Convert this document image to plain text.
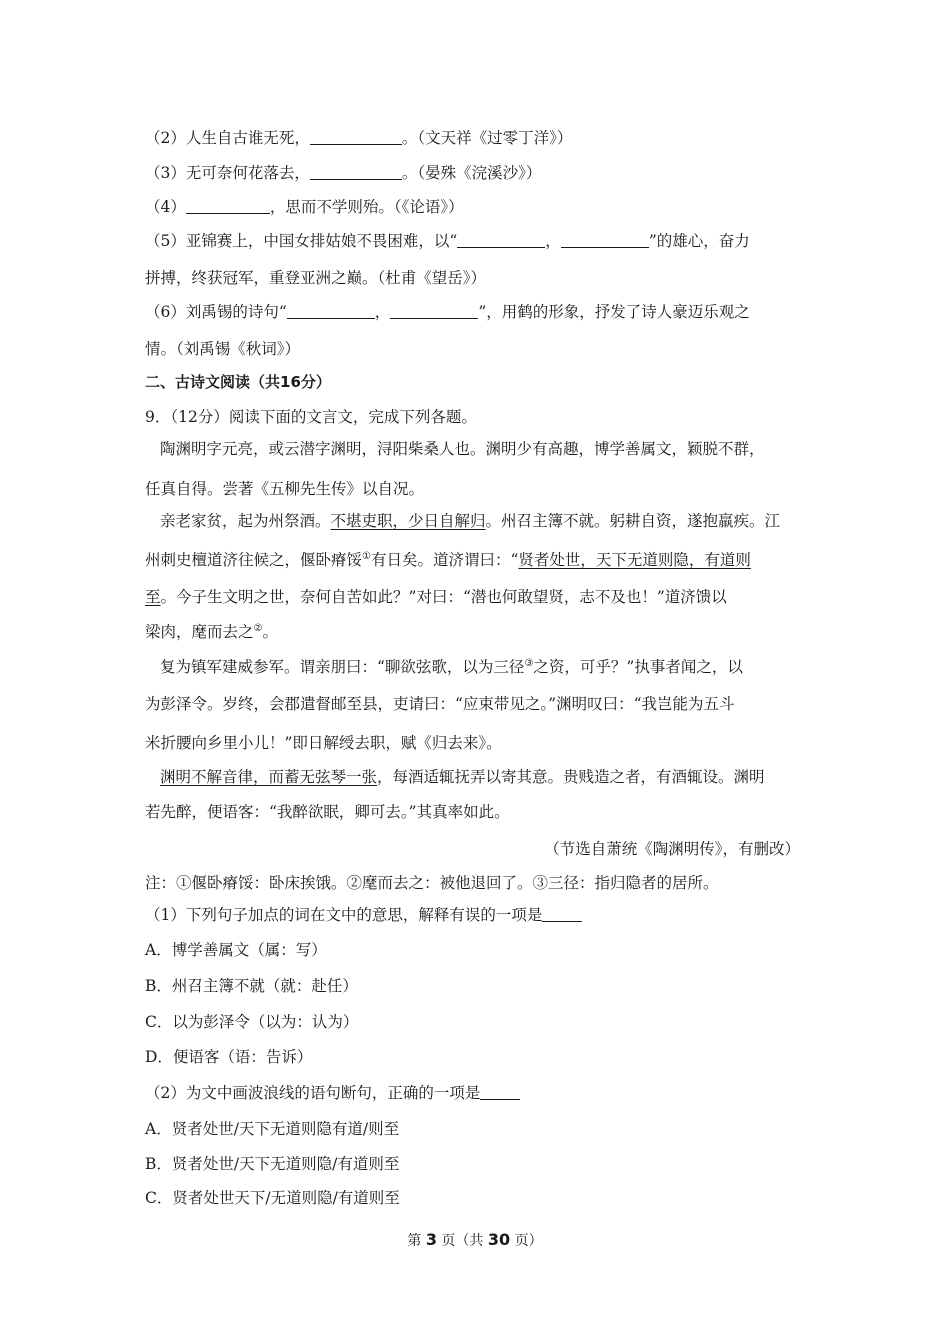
（2）人生自古谁无死，	。（文天祥《过零丁洋》）
（3）无可奈何花落去，	。（晏殊《浣溪沙》）
（4）	，思而不学则殆。（《论语》）
（5）亚锦赛上，中国女排姑娘不畏困难，以“	，	”的雄心，奋力
拼搏，终获冠军，重登亚洲之巅。（杜甫《望岳》）
（6）刘禹锡的诗句“	，	”，用鹤的形象，抒发了诗人豪迈乐观之
情。（刘禹锡《秋词》）
二、古诗文阅读（共16分）
9．（12分）阅读下面的文言文，完成下列各题。
陶渊明字元亮，或云潜字渊明，浔阳柴桑人也。渊明少有高趣，博学善属文，颖脱不群，
任真自得。尝著《五柳先生传》以自况。
亲老家贫，起为州祭酒。不堪吏职，少日自解归。州召主簿不就。躬耕自资，遂抱羸疾。江
州刺史檀道济往候之，偃卧瘠馁①有日矣。道济谓曰：“贤者处世，天下无道则隐，有道则
至。今子生文明之世，奈何自苦如此？”对曰：“潜也何敢望贤，志不及也！”道济馈以
梁肉，麾而去之②。
复为镇军建威参军。谓亲朋曰：“聊欲弦歌，以为三径③之资，可乎？”执事者闻之，以
为彭泽令。岁终，会郡遣督邮至县，吏请曰：“应束带见之。”渊明叹曰：“我岂能为五斗
米折腰向乡里小儿！”即日解绶去职，赋《归去来》。
渊明不解音律，而蓄无弦琴一张，每酒适辄抚弄以寄其意。贵贱造之者，有酒辄设。渊明
若先醉，便语客：“我醉欲眠，卿可去。”其真率如此。
（节选自萧统《陶渊明传》，有删改）
注：①偃卧瘠馁：卧床挨饿。②麾而去之：被他退回了。③三径：指归隐者的居所。
（1）下列句子加点的词在文中的意思，解释有误的一项是
A．博学善属文（属：写）
B．州召主簿不就（就：赴任）
C．以为彭泽令（以为：认为）
D．便语客（语：告诉）
（2）为文中画波浪线的语句断句，正确的一项是
A．贤者处世/天下无道则隐有道/则至
B．贤者处世/天下无道则隐/有道则至
C．贤者处世天下/无道则隐/有道则至
第 3 页（共 30 页）
